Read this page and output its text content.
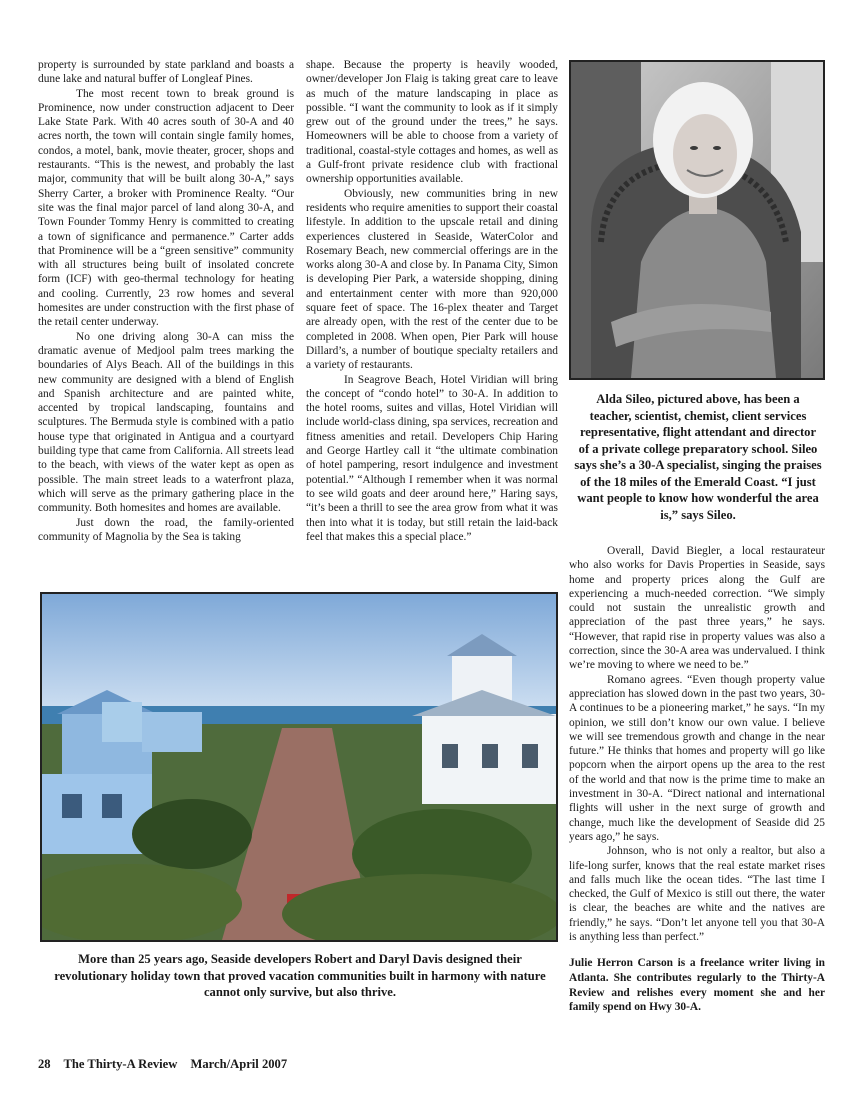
property is surrounded by state parkland and boasts a dune lake and natural buffer of Longleaf Pines.

The most recent town to break ground is Prominence, now under construction adjacent to Deer Lake State Park. With 40 acres south of 30-A and 40 acres north, the town will contain single family homes, condos, a motel, bank, movie theater, grocer, shops and restaurants. “This is the newest, and probably the last major, community that will be built along 30-A,” says Sherry Carter, a broker with Prominence Realty. “Our site was the final major parcel of land along 30-A, and Town Founder Tommy Henry is committed to creating a town of significance and permanence.” Carter adds that Prominence will be a “green sensitive” community with all structures being built of insolated concrete form (ICF) with geo-thermal technology for heating and cooling. Currently, 23 row homes and several homesites are under construction with the first phase of the retail center underway.

No one driving along 30-A can miss the dramatic avenue of Medjool palm trees marking the boundaries of Alys Beach. All of the buildings in this new community are designed with a blend of English and Spanish architecture and are painted white, accented by tropical landscaping, fountains and sculptures. The Bermuda style is combined with a patio house type that originated in Antigua and a courtyard building type that came from California. All streets lead to the beach, with views of the water kept as open as possible. The main street leads to a waterfront plaza, which will serve as the primary gathering place in the community. Both homesites and homes are available.

Just down the road, the family-oriented community of Magnolia by the Sea is taking

shape. Because the property is heavily wooded, owner/developer Jon Flaig is taking great care to leave as much of the mature landscaping in place as possible. “I want the community to look as if it simply grew out of the ground under the trees,” he says. Homeowners will be able to choose from a variety of traditional, coastal-style cottages and homes, as well as a Gulf-front private residence club with fractional ownership opportunities available.

Obviously, new communities bring in new residents who require amenities to support their coastal lifestyle. In addition to the upscale retail and dining experiences clustered in Seaside, WaterColor and Rosemary Beach, new commercial offerings are in the works along 30-A and close by. In Panama City, Simon is developing Pier Park, a waterside shopping, dining and entertainment center with more than 920,000 square feet of space. The 16-plex theater and Target are already open, with the rest of the center due to be completed in 2008. When open, Pier Park will house Dillard’s, a number of boutique specialty retailers and a variety of restaurants.

In Seagrove Beach, Hotel Viridian will bring the concept of “condo hotel” to 30-A. In addition to the hotel rooms, suites and villas, Hotel Viridian will include world-class dining, spa services, recreation and fitness amenities and retail. Developers Chip Haring and George Hartley call it “the ultimate combination of hotel pampering, resort indulgence and investment potential.” “Although I remember when it was normal to see wild goats and deer around here,” Haring says, “it’s been a thrill to see the area grow from what it was then into what it is today, but still retain the laid-back feel that makes this a special place.”

Alda Sileo, pictured above, has been a teacher, scientist, chemist, client services representative, flight attendant and director of a private college preparatory school. Sileo says she’s a 30-A specialist, singing the praises of the 18 miles of the Emerald Coast. “I just want people to know how wonderful the area is,” says Sileo.

Overall, David Biegler, a local restaurateur who also works for Davis Properties in Seaside, says home and property prices along the Gulf are experiencing a much-needed correction. “We simply could not sustain the unrealistic growth and appreciation of the past three years,” he says. “However, that rapid rise in property values was also a correction, since the 30-A area was undervalued. I think we’re moving to where we need to be.”

Romano agrees. “Even though property value appreciation has slowed down in the past two years, 30-A continues to be a pioneering market,” he says. “In my opinion, we still don’t know our own value. I believe we will see tremendous growth and change in the near future.” He thinks that homes and property will go like popcorn when the airport opens up the area to the rest of the world and that now is the prime time to make an investment in 30-A. “Direct national and international flights will usher in the next surge of growth and change, much like the development of Seaside did 25 years ago,” he says.

Johnson, who is not only a realtor, but also a life-long surfer, knows that the real estate market rises and falls much like the ocean tides. “The last time I checked, the Gulf of Mexico is still out there, the water is clear, the beaches are white and the natives are friendly,” he says. “Don’t let anyone tell you that 30-A is anything less than perfect.”

Julie Herron Carson is a freelance writer living in Atlanta. She contributes regularly to the Thirty-A Review and relishes every moment she and her family spend on Hwy 30-A.

More than 25 years ago, Seaside developers Robert and Daryl Davis designed their revolutionary holiday town that proved vacation communities built in harmony with nature cannot only survive, but also thrive.
28 The Thirty-A Review March/April 2007
